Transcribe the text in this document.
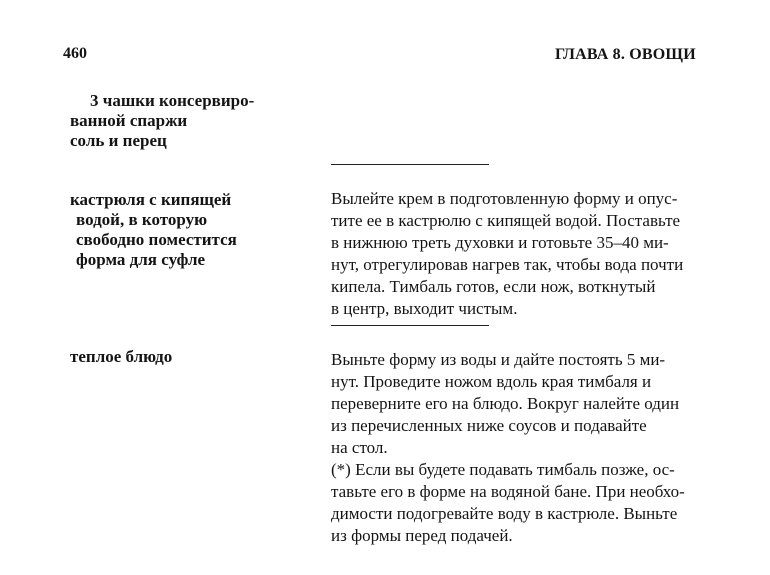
460	ГЛАВА 8. ОВОЩИ
3 чашки консервиро-
ванной спаржи
соль и перец
кастрюля с кипящей
водой, в которую
свободно поместится
форма для суфле
теплое блюдо
Вылейте крем в подготовленную форму и опус-
тите ее в кастрюлю с кипящей водой. Поставьте
в нижнюю треть духовки и готовьте 35–40 ми-
нут, отрегулировав нагрев так, чтобы вода почти
кипела. Тимбаль готов, если нож, воткнутый
в центр, выходит чистым.
Выньте форму из воды и дайте постоять 5 ми-
нут. Проведите ножом вдоль края тимбаля и
переверните его на блюдо. Вокруг налейте один
из перечисленных ниже соусов и подавайте
на стол.
(*) Если вы будете подавать тимбаль позже, ос-
тавьте его в форме на водяной бане. При необхо-
димости подогревайте воду в кастрюле. Выньте
из формы перед подачей.
